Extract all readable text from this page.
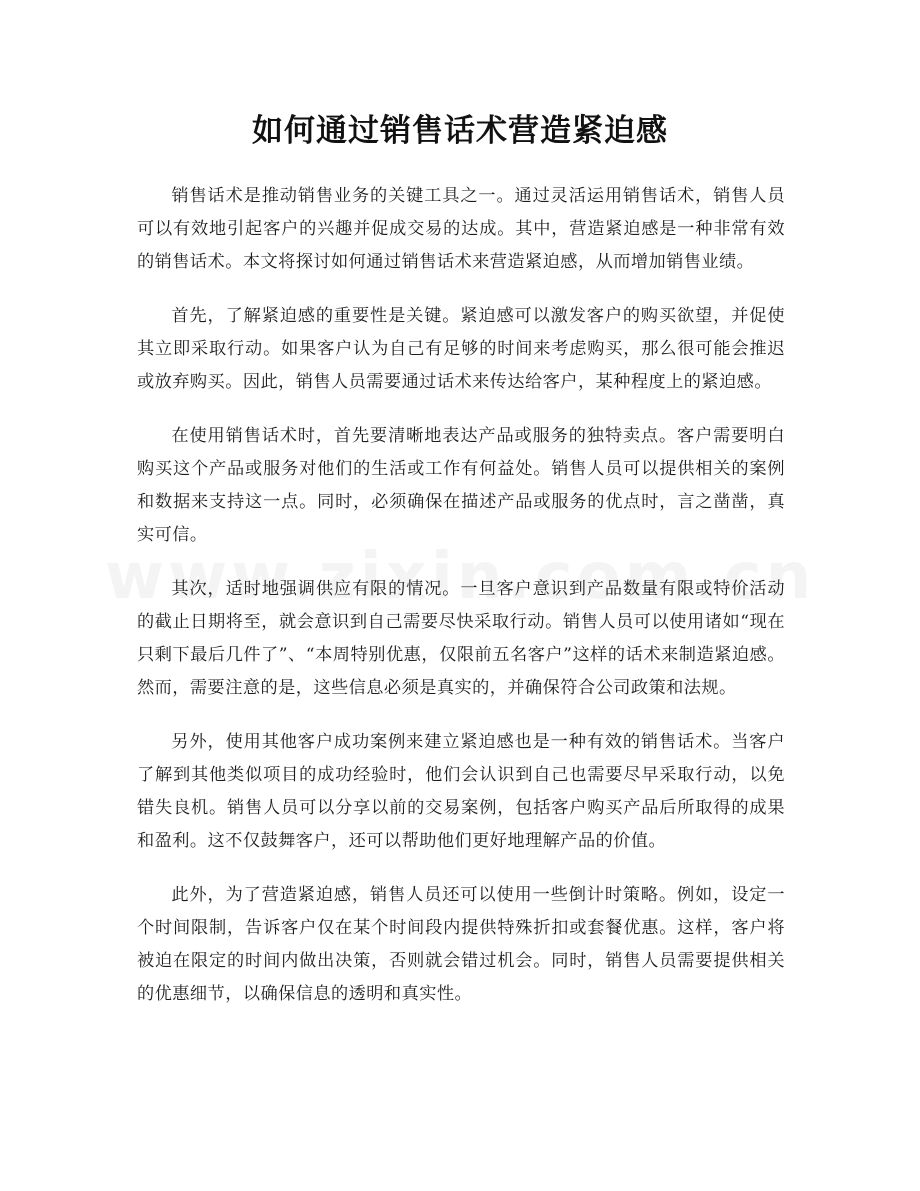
如何通过销售话术营造紧迫感

销售话术是推动销售业务的关键工具之一。通过灵活运用销售话术，销售人员可以有效地引起客户的兴趣并促成交易的达成。其中，营造紧迫感是一种非常有效的销售话术。本文将探讨如何通过销售话术来营造紧迫感，从而增加销售业绩。

首先，了解紧迫感的重要性是关键。紧迫感可以激发客户的购买欲望，并促使其立即采取行动。如果客户认为自己有足够的时间来考虑购买，那么很可能会推迟或放弃购买。因此，销售人员需要通过话术来传达给客户，某种程度上的紧迫感。

在使用销售话术时，首先要清晰地表达产品或服务的独特卖点。客户需要明白购买这个产品或服务对他们的生活或工作有何益处。销售人员可以提供相关的案例和数据来支持这一点。同时，必须确保在描述产品或服务的优点时，言之凿凿，真实可信。

其次，适时地强调供应有限的情况。一旦客户意识到产品数量有限或特价活动的截止日期将至，就会意识到自己需要尽快采取行动。销售人员可以使用诸如“现在只剩下最后几件了”、“本周特别优惠，仅限前五名客户”这样的话术来制造紧迫感。然而，需要注意的是，这些信息必须是真实的，并确保符合公司政策和法规。

另外，使用其他客户成功案例来建立紧迫感也是一种有效的销售话术。当客户了解到其他类似项目的成功经验时，他们会认识到自己也需要尽早采取行动，以免错失良机。销售人员可以分享以前的交易案例，包括客户购买产品后所取得的成果和盈利。这不仅鼓舞客户，还可以帮助他们更好地理解产品的价值。

此外，为了营造紧迫感，销售人员还可以使用一些倒计时策略。例如，设定一个时间限制，告诉客户仅在某个时间段内提供特殊折扣或套餐优惠。这样，客户将被迫在限定的时间内做出决策，否则就会错过机会。同时，销售人员需要提供相关的优惠细节，以确保信息的透明和真实性。
